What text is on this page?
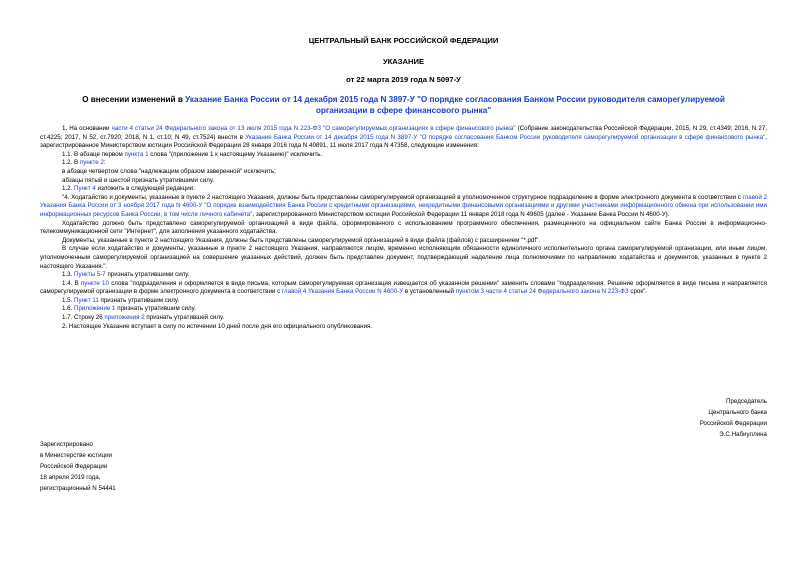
ЦЕНТРАЛЬНЫЙ БАНК РОССИЙСКОЙ ФЕДЕРАЦИИ
УКАЗАНИЕ
от 22 марта 2019 года N 5097-У
О внесении изменений в Указание Банка России от 14 декабря 2015 года N 3897-У "О порядке согласования Банком России руководителя саморегулируемой организации в сфере финансового рынка"

1. На основании части 4 статьи 24 Федерального закона от 13 июля 2015 года N 223-ФЗ "О саморегулируемых организациях в сфере финансового рынка" (Собрание законодательства Российской Федерации, 2015, N 29, ст.4349; 2016, N 27, ст.4225; 2017, N 52, ст.7920; 2018, N 1, ст.10; N 49, ст.7524) внести в Указание Банка России от 14 декабря 2015 года N 3897-У "О порядке согласования Банком России руководителя саморегулируемой организации в сфере финансового рынка", зарегистрированное Министерством юстиции Российской Федерации 28 января 2016 года N 40891, 11 июля 2017 года N 47358, следующие изменения:

1.1. В абзаце первом пункта 1 слова "(приложение 1 к настоящему Указанию)" исключить.

1.2. В пункте 2:

в абзаце четвертом слова "надлежащим образом заверенной" исключить;

абзацы пятый и шестой признать утратившими силу.

1.2. Пункт 4 изложить в следующей редакции:

"4. Ходатайство и документы, указанные в пункте 2 настоящего Указания, должны быть представлены саморегулируемой организацией в уполномоченное структурное подразделение в форме электронного документа в соответствии с главой 2 Указания Банка России от 3 ноября 2017 года N 4600-У "О порядке взаимодействия Банка России с кредитными организациями, некредитными финансовыми организациями и другими участниками информационного обмена при использовании ими информационных ресурсов Банка России, в том числе личного кабинета", зарегистрированного Министерством юстиции Российской Федерации 11 января 2018 года N 49605 (далее - Указание Банка России N 4600-У).

Ходатайство должно быть представлено саморегулируемой организацией в виде файла, сформированного с использованием программного обеспечения, размещенного на официальном сайте Банка России в информационно-телекоммуникационной сети "Интернет", для заполнения указанного ходатайства.

Документы, указанные в пункте 2 настоящего Указания, должны быть представлены саморегулируемой организацией в виде файла (файлов) с расширением "*.pdf".

В случае если ходатайство и документы, указанные в пункте 2 настоящего Указания, направляются лицом, временно исполняющим обязанности единоличного исполнительного органа саморегулируемой организации, или иным лицом, уполномоченным саморегулируемой организацией на совершение указанных действий, должен быть представлен документ, подтверждающий наделение лица полномочиями по направлению ходатайства и документов, указанных в пункте 2 настоящего Указания.".

1.3. Пункты 5-7 признать утратившими силу.

1.4. В пункте 10 слова "подразделения и оформляется в виде письма, которым саморегулируемая организация извещается об указанном решении" заменить словами "подразделения. Решение оформляется в виде письма и направляется саморегулируемой организации в форме электронного документа в соответствии с главой 4 Указания Банка России N 4600-У в установленный пунктом 3 части 4 статьи 24 Федерального закона N 223-ФЗ срок".

1.5. Пункт 11 признать утратившим силу.

1.6. Приложение 1 признать утратившим силу.

1.7. Строку 26 приложения 2 признать утратившей силу.

2. Настоящее Указание вступает в силу по истечении 10 дней после дня его официального опубликования.

Председатель
Центрального банка
Российской Федерации
Э.С.Набиуллина
Зарегистрировано
в Министерстве юстиции
Российской Федерации
18 апреля 2019 года,
регистрационный N 54441
